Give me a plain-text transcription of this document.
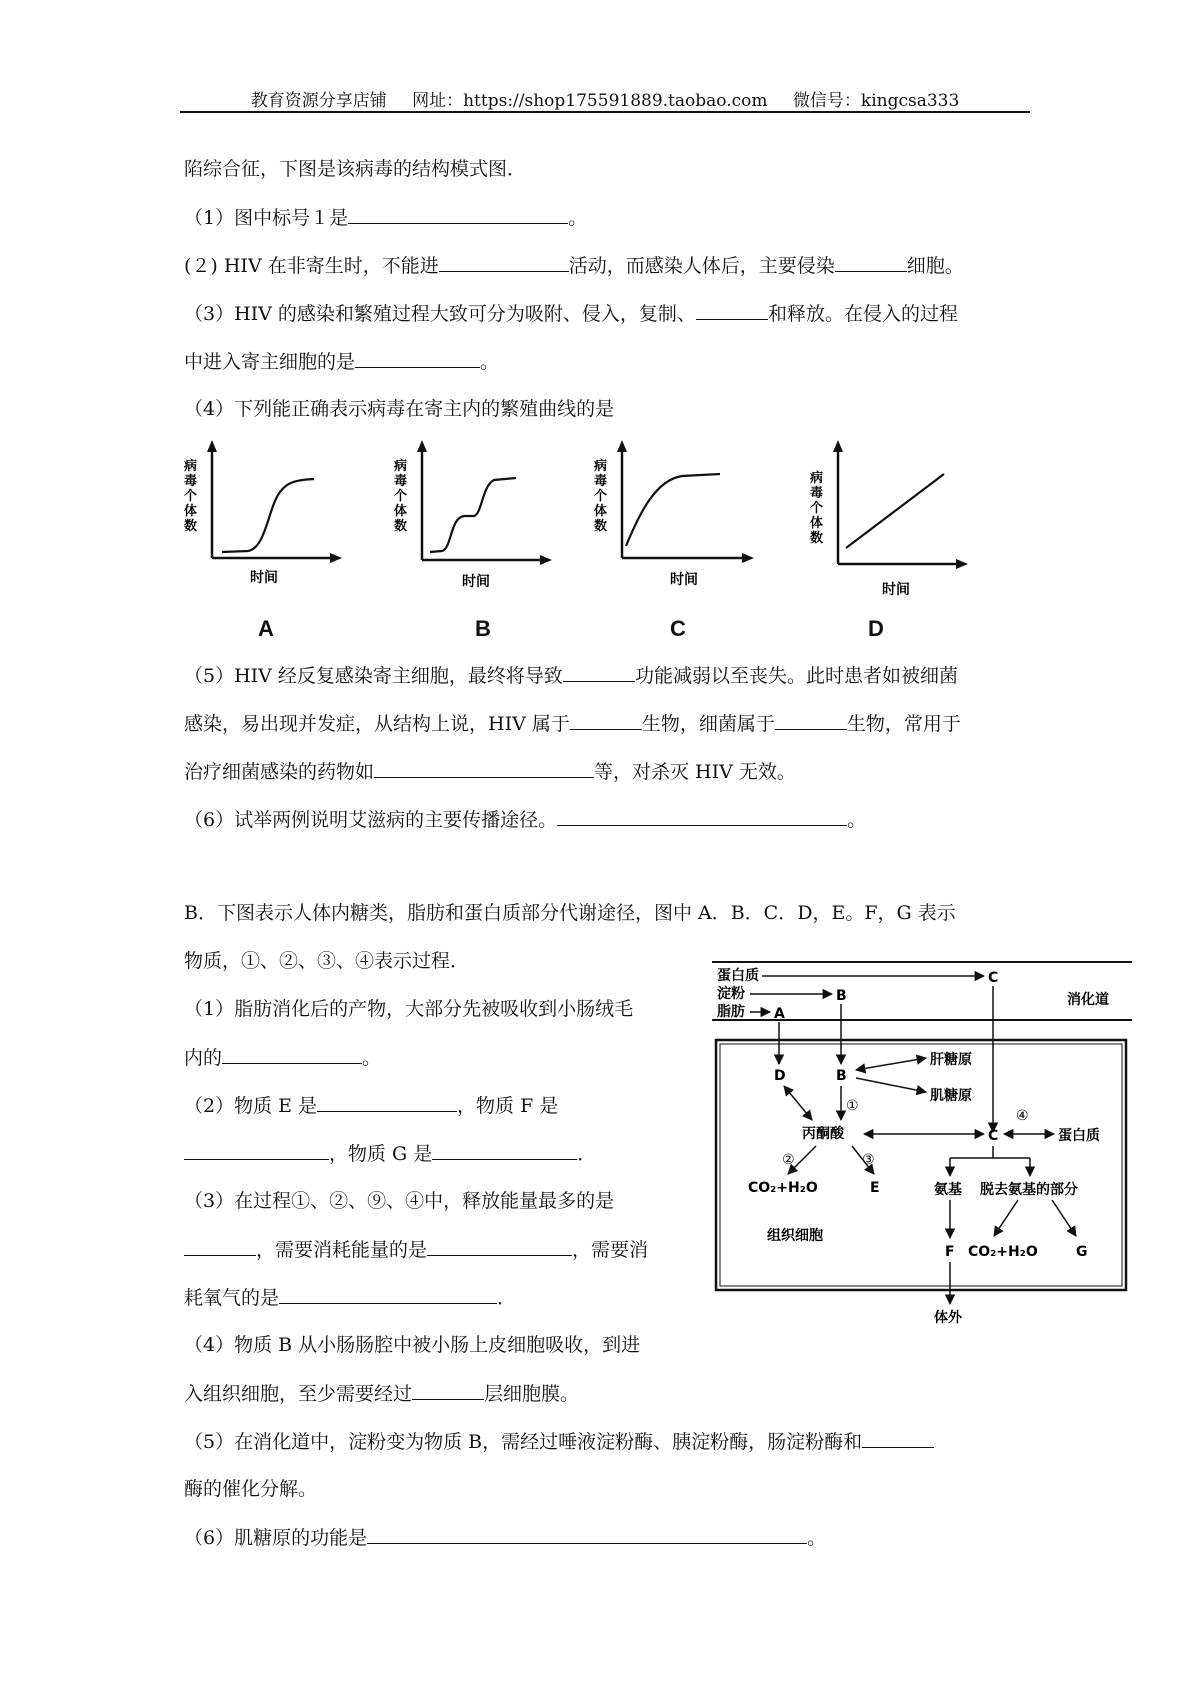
教育资源分享店铺 网址：https://shop175591889.taobao.com 微信号：kingcsa333
陷综合征，下图是该病毒的结构模式图．
（1）图中标号１是	。
(２) HIV 在非寄生时，不能进	活动，而感染人体后，主要侵染	细胞。
（3）HIV 的感染和繁殖过程大致可分为吸附、侵入，复制、	和释放。在侵入的过程
中进入寄主细胞的是	。
（4）下列能正确表示病毒在寄主内的繁殖曲线的是
病毒个体数
时间
病毒个体数
时间
病毒个体数
时间
病毒个体数
时间
A	B	C	D
（5）HIV 经反复感染寄主细胞，最终将导致	功能减弱以至丧失。此时患者如被细菌
感染，易出现并发症，从结构上说，HIV 属于	生物，细菌属于	生物，常用于
治疗细菌感染的药物如	等，对杀灭 HIV 无效。
（6）试举两例说明艾滋病的主要传播途径。	。
B．下图表示人体内糖类，脂肪和蛋白质部分代谢途径，图中 A．B．C．D，E。F，G 表示
物质，①、②、③、④表示过程．
（1）脂肪消化后的产物，大部分先被吸收到小肠绒毛
内的	。
（2）物质 E 是	，物质 F 是
，物质 G 是	．
（3）在过程①、②、⑨、④中，释放能量最多的是
，需要消耗能量的是	，需要消
耗氧气的是	．
（4）物质 B 从小肠肠腔中被小肠上皮细胞吸收，到进
入组织细胞，至少需要经过	层细胞膜。
（5）在消化道中，淀粉变为物质 B，需经过唾液淀粉酶、胰淀粉酶，肠淀粉酶和
酶的催化分解。
（6）肌糖原的功能是	。
蛋白质
淀粉
脂肪
消化道
C
B
A
组织细胞
D	B
肝糖原
肌糖原
①
丙酮酸	C
④
蛋白质
②	③
CO₂+H₂O	E	氨基 脱去氨基的部分
F CO₂+H₂O	G
体外
